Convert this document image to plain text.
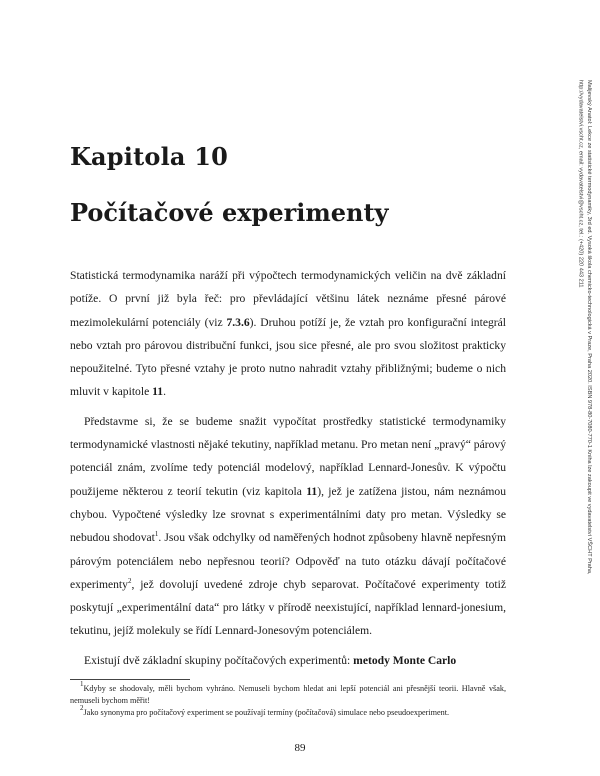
Kapitola 10
Počítačové experimenty

Statistická termodynamika naráží při výpočtech termodynamických veličin na dvě základní potíže. O první již byla řeč: pro převládající většinu látek neznáme přesné párové mezimolekulární potenciály (viz 7.3.6). Druhou potíží je, že vztah pro konfigurační integrál nebo vztah pro párovou distribuční funkci, jsou sice přesné, ale pro svou složitost prakticky nepoužitelné. Tyto přesné vztahy je proto nutno nahradit vztahy přibližnými; budeme o nich mluvit v kapitole 11.

Představme si, že se budeme snažit vypočítat prostředky statistické termodynamiky termodynamické vlastnosti nějaké tekutiny, například metanu. Pro metan není „pravý“ párový potenciál znám, zvolíme tedy potenciál modelový, například Lennard-Jonesův. K výpočtu použijeme některou z teorií tekutin (viz kapitola 11), jež je zatížena jistou, nám neznámou chybou. Vypočtené výsledky lze srovnat s experimentálními daty pro metan. Výsledky se nebudou shodovat$^1$. Jsou však odchylky od naměřených hodnot způsobeny hlavně nepřesným párovým potenciálem nebo nepřesnou teorií? Odpověď na tuto otázku dávají počítačové experimenty$^2$, jež dovolují uvedené zdroje chyb separovat. Počítačové experimenty totiž poskytují „experimentální data“ pro látky v přírodě neexistující, například lennard-jonesium, tekutinu, jejíž molekuly se řídí Lennard-Jonesovým potenciálem.

Existují dvě základní skupiny počítačových experimentů: metody Monte Carlo

$^1$Kdyby se shodovaly, měli bychom vyhráno. Nemuseli bychom hledat ani lepší potenciál ani přesnější teorii. Hlavně však, nemuseli bychom měřit!
$^2$Jako synonyma pro počítačový experiment se používají termíny (počítačová) simulace nebo pseudoexperiment.
89
Malijevský Anatol: Lekce ze statistické termodynamiky, 3rd ed. Vysoká škola chemicko-technologická v Praze, Praha 2020. ISBN 978-80-7080-770-1 Kniha lze zakoupit ve vydavatelství VŠCHT Praha, http://vydavatelstvi.vscht.cz, email: vydavatelstvi@vscht.cz, tel.: (+420) 220 443 211
